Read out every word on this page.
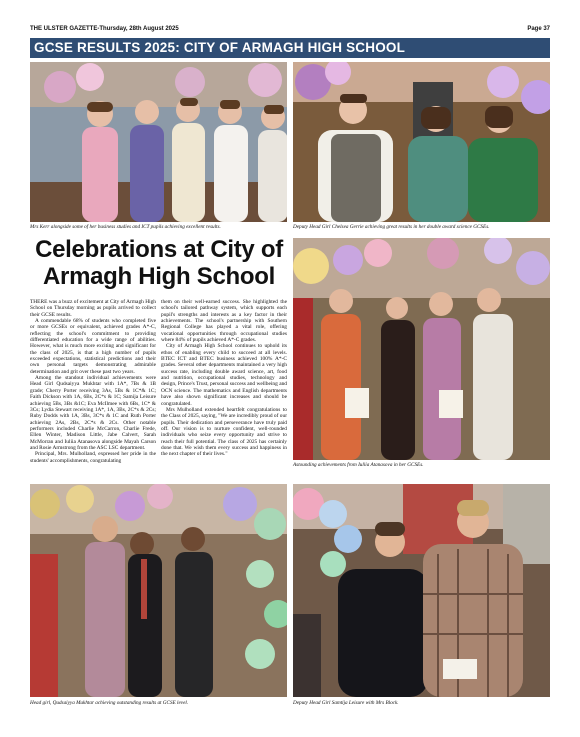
THE ULSTER GAZETTE-Thursday, 28th August 2025	Page 37
GCSE RESULTS 2025: CITY OF ARMAGH HIGH SCHOOL
Mrs Kerr alongside some of her business studies and ICT pupils achieving excellent results.	Deputy Head Girl Chelsea Gerrie achieving great results in her double award science GCSEs.
Celebrations at City of
Armagh High School

THERE was a buzz of excitement at City of Armagh High School on Thursday morning as pupils arrived to collect their GCSE results.

A commendable 68% of students who completed five or more GCSEs or equivalent, achieved grades A*-C, reflecting the school's commitment to providing differentiated education for a wide range of abilities. However, what is much more exciting and significant for the class of 2025, is that a high number of pupils exceeded expectations, statistical predictions and their own personal targets demonstrating admirable determination and grit over these past two years.

Among the standout individual achievements were Head Girl Qudsaiyya Mukhtar with 1A*, 7Bs & 1B grade; Cherry Porter receiving 3As, 5Bs & 1C*& 1C; Faith Dickson with 1A, 6Bs, 2C*s & 1C; Samija Leisure achieving 5Bs, 3Bs &1C; Eva McIlmee with 6Bs, 1C* & 3Cs; Lydia Stewart receiving 1A*, 1A, 3Bs, 2C*s & 2Cs; Ruby Dodds with 1A, 3Bs, 3C*s & 1C and Ruth Porter achieving 2As, 2Bs, 2C*s & 2Cs. Other notable performers included Charlie McCarron, Charlie Frede, Ellen Winter, Madison Little, Jabe Calvert, Sarah McMorran and Iuliia Atanasova alongside Mayah Carson and Rosie Armstrong from the ASC LSC department.

Principal, Mrs. Mulholland, expressed her pride in the students' accomplishments, congratulating

them on their well-earned success. She highlighted the school's tailored pathway system, which supports each pupil's strengths and interests as a key factor in their achievements. The school's partnership with Southern Regional College has played a vital role, offering vocational opportunities through occupational studies where 84% of pupils achieved A*-C grades.

City of Armagh High School continues to uphold its ethos of enabling every child to succeed at all levels. BTEC ICT and BTEC business achieved 100% A*-C grades. Several other departments maintained a very high success rate, including double award science, art, food and nutrition, occupational studies, technology and design, Prince's Trust, personal success and wellbeing and OCN science. The mathematics and English departments have also shown significant increases and should be congratulated.

Mrs Mulholland extended heartfelt congratulations to the Class of 2025, saying, "We are incredibly proud of our pupils. Their dedication and perseverance have truly paid off. Our vision is to nurture confident, well-rounded individuals who seize every opportunity and strive to reach their full potential. The class of 2025 has certainly done that. We wish them every success and happiness in the next chapter of their lives."

Astounding achievements from Iuliia Atanasova in her GCSEs.
Head girl, Qudsaiyya Mukhtar achieving outstanding results at GCSE level.	Deputy Head Girl Samtija Leisure with Mrs Block.
